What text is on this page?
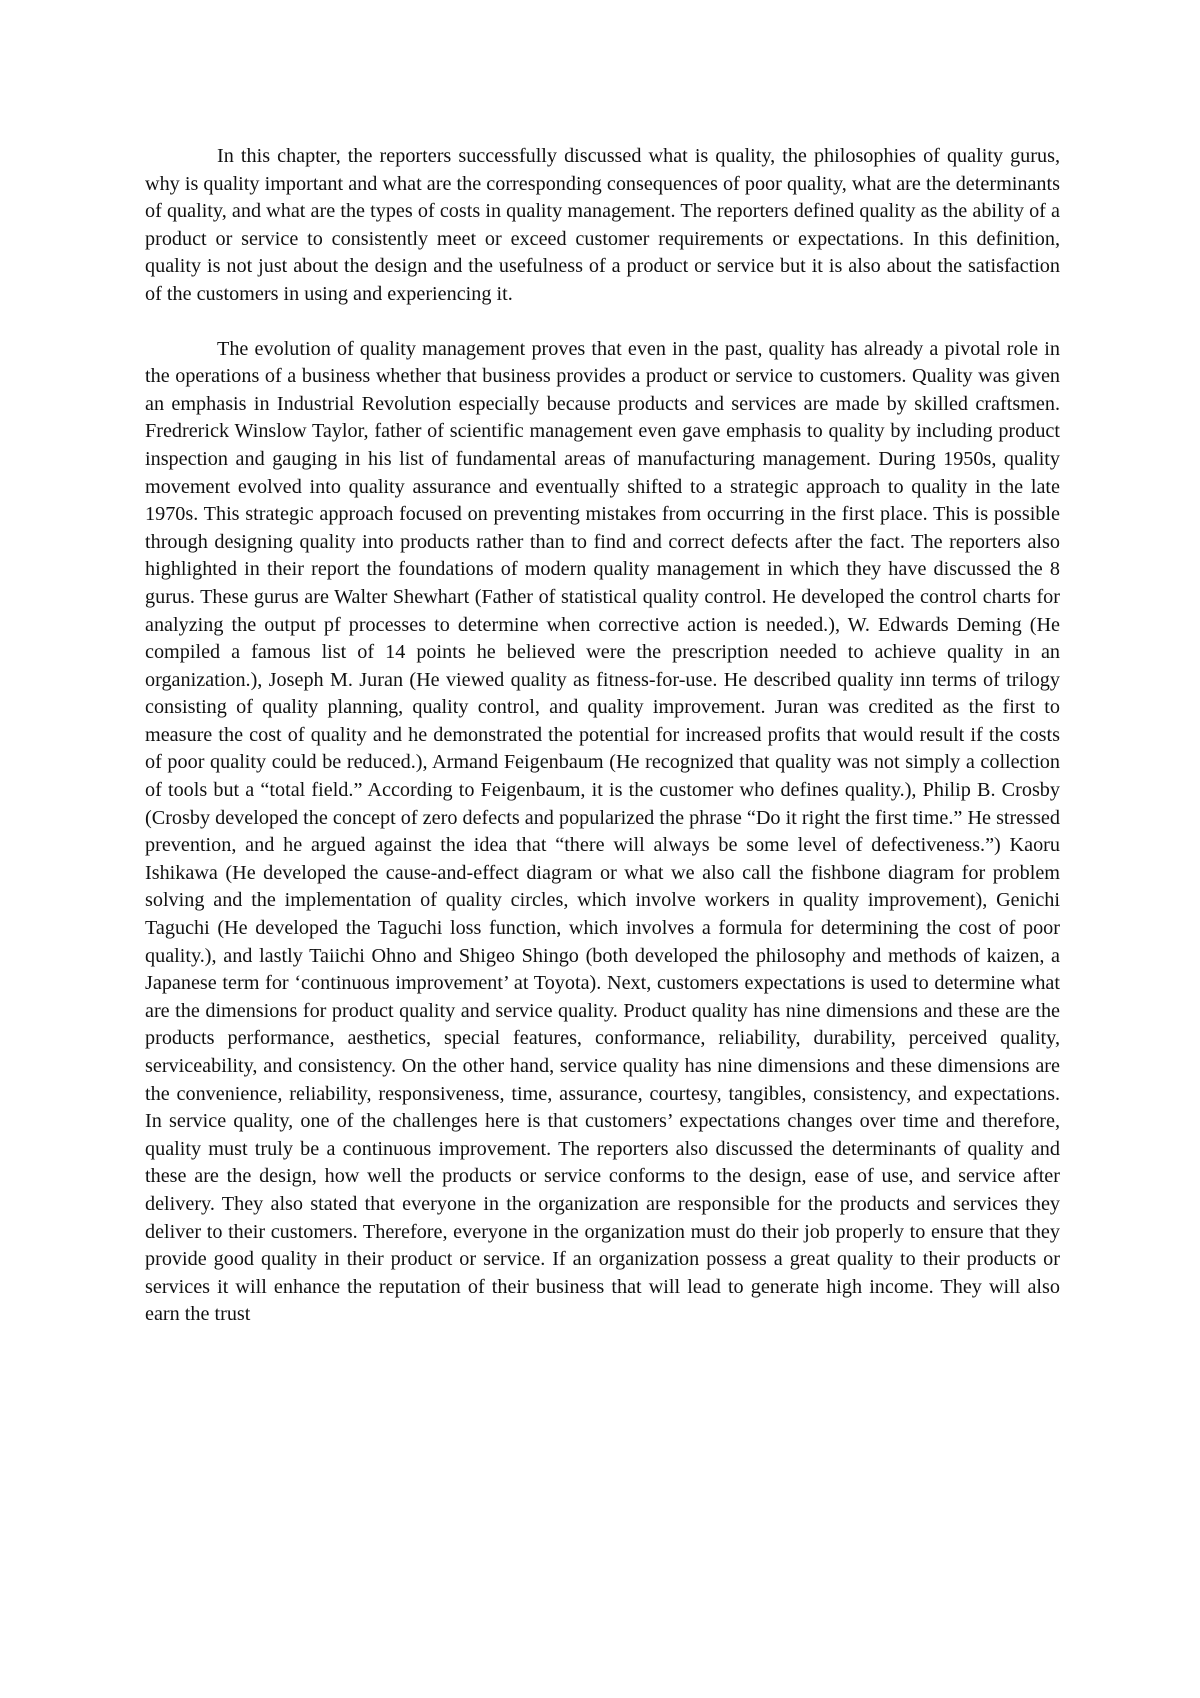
In this chapter, the reporters successfully discussed what is quality, the philosophies of quality gurus, why is quality important and what are the corresponding consequences of poor quality, what are the determinants of quality, and what are the types of costs in quality management. The reporters defined quality as the ability of a product or service to consistently meet or exceed customer requirements or expectations. In this definition, quality is not just about the design and the usefulness of a product or service but it is also about the satisfaction of the customers in using and experiencing it.

The evolution of quality management proves that even in the past, quality has already a pivotal role in the operations of a business whether that business provides a product or service to customers. Quality was given an emphasis in Industrial Revolution especially because products and services are made by skilled craftsmen. Fredrerick Winslow Taylor, father of scientific management even gave emphasis to quality by including product inspection and gauging in his list of fundamental areas of manufacturing management. During 1950s, quality movement evolved into quality assurance and eventually shifted to a strategic approach to quality in the late 1970s. This strategic approach focused on preventing mistakes from occurring in the first place. This is possible through designing quality into products rather than to find and correct defects after the fact. The reporters also highlighted in their report the foundations of modern quality management in which they have discussed the 8 gurus. These gurus are Walter Shewhart (Father of statistical quality control. He developed the control charts for analyzing the output pf processes to determine when corrective action is needed.), W. Edwards Deming (He compiled a famous list of 14 points he believed were the prescription needed to achieve quality in an organization.), Joseph M. Juran (He viewed quality as fitness-for-use. He described quality inn terms of trilogy consisting of quality planning, quality control, and quality improvement. Juran was credited as the first to measure the cost of quality and he demonstrated the potential for increased profits that would result if the costs of poor quality could be reduced.), Armand Feigenbaum (He recognized that quality was not simply a collection of tools but a “total field.” According to Feigenbaum, it is the customer who defines quality.), Philip B. Crosby (Crosby developed the concept of zero defects and popularized the phrase “Do it right the first time.” He stressed prevention, and he argued against the idea that “there will always be some level of defectiveness.”) Kaoru Ishikawa (He developed the cause-and-effect diagram or what we also call the fishbone diagram for problem solving and the implementation of quality circles, which involve workers in quality improvement), Genichi Taguchi (He developed the Taguchi loss function, which involves a formula for determining the cost of poor quality.), and lastly Taiichi Ohno and Shigeo Shingo (both developed the philosophy and methods of kaizen, a Japanese term for ‘continuous improvement’ at Toyota). Next, customers expectations is used to determine what are the dimensions for product quality and service quality. Product quality has nine dimensions and these are the products performance, aesthetics, special features, conformance, reliability, durability, perceived quality, serviceability, and consistency. On the other hand, service quality has nine dimensions and these dimensions are the convenience, reliability, responsiveness, time, assurance, courtesy, tangibles, consistency, and expectations. In service quality, one of the challenges here is that customers’ expectations changes over time and therefore, quality must truly be a continuous improvement. The reporters also discussed the determinants of quality and these are the design, how well the products or service conforms to the design, ease of use, and service after delivery. They also stated that everyone in the organization are responsible for the products and services they deliver to their customers. Therefore, everyone in the organization must do their job properly to ensure that they provide good quality in their product or service. If an organization possess a great quality to their products or services it will enhance the reputation of their business that will lead to generate high income. They will also earn the trust
